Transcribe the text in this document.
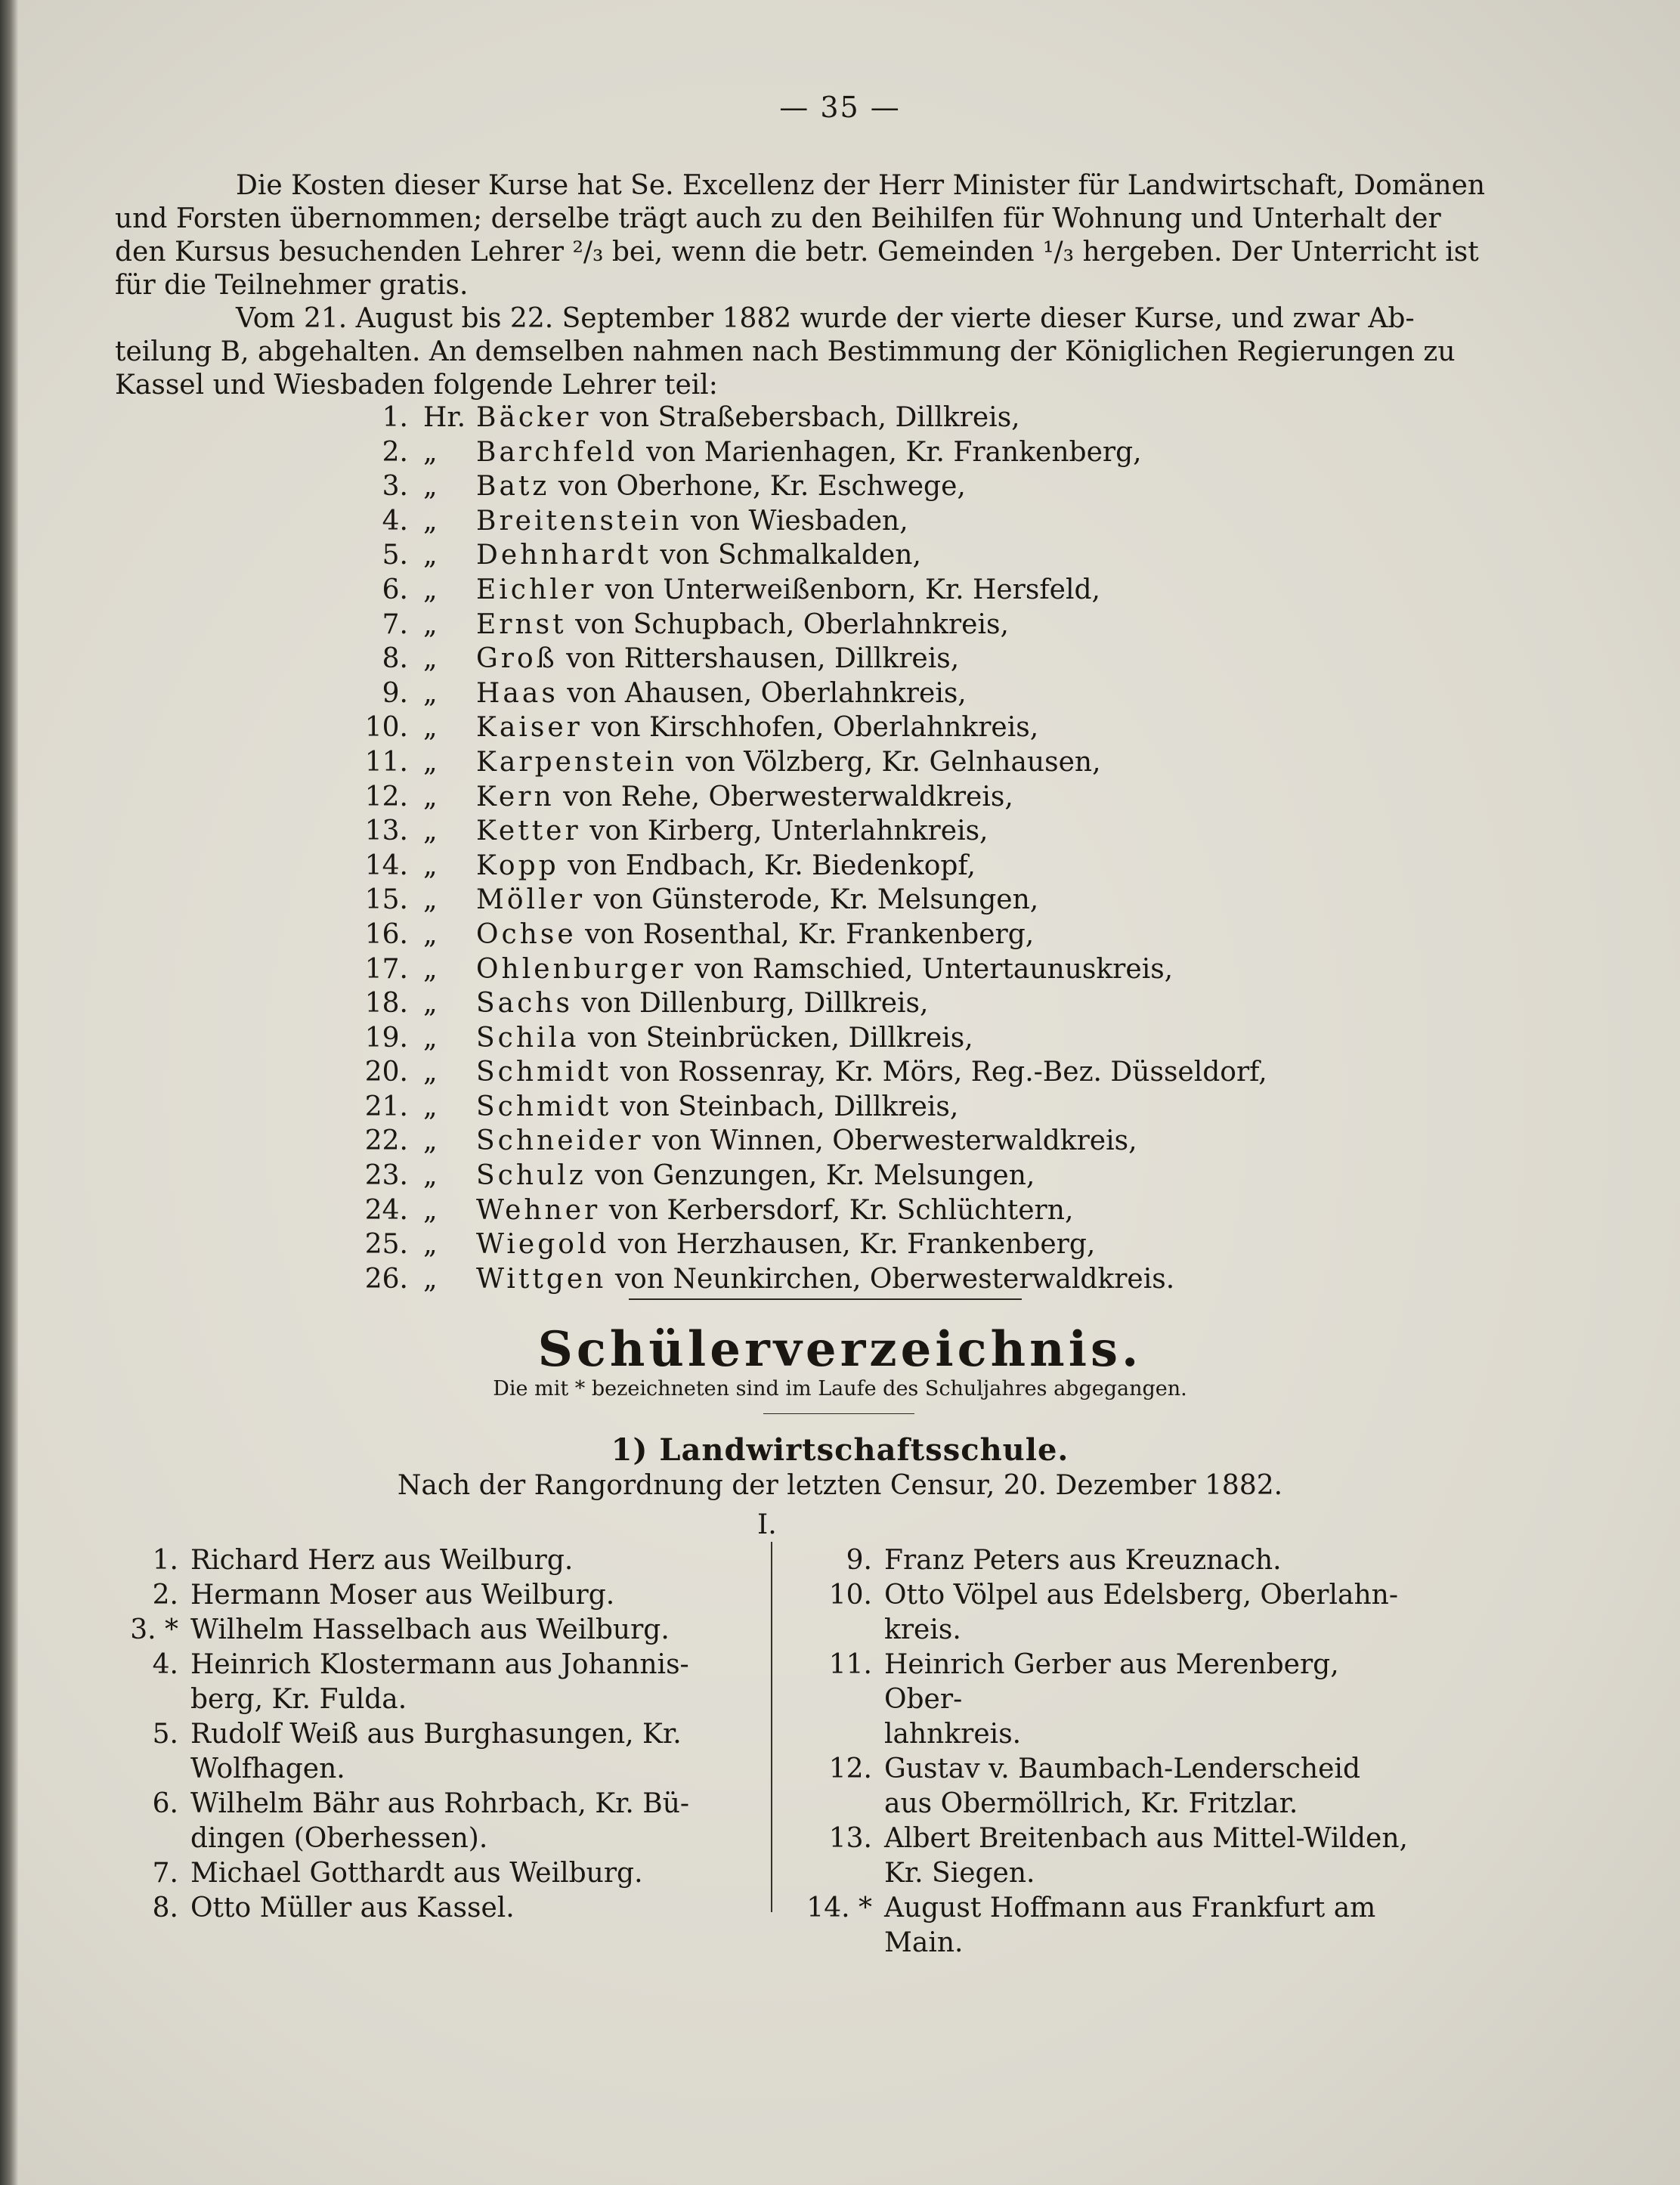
— 35 —
Die Kosten dieser Kurse hat Se. Excellenz der Herr Minister für Landwirtschaft, Domänen
und Forsten übernommen; derselbe trägt auch zu den Beihilfen für Wohnung und Unterhalt der
den Kursus besuchenden Lehrer ²/₃ bei, wenn die betr. Gemeinden ¹/₃ hergeben. Der Unterricht ist
für die Teilnehmer gratis.
Vom 21. August bis 22. September 1882 wurde der vierte dieser Kurse, und zwar Ab-
teilung B, abgehalten. An demselben nahmen nach Bestimmung der Königlichen Regierungen zu
Kassel und Wiesbaden folgende Lehrer teil:
1. Hr. Bäcker von Straßebersbach, Dillkreis,
2. „ Barchfeld von Marienhagen, Kr. Frankenberg,
3. „ Batz von Oberhone, Kr. Eschwege,
4. „ Breitenstein von Wiesbaden,
5. „ Dehnhardt von Schmalkalden,
6. „ Eichler von Unterweißenborn, Kr. Hersfeld,
7. „ Ernst von Schupbach, Oberlahnkreis,
8. „ Groß von Rittershausen, Dillkreis,
9. „ Haas von Ahausen, Oberlahnkreis,
10. „ Kaiser von Kirschhofen, Oberlahnkreis,
11. „ Karpenstein von Völzberg, Kr. Gelnhausen,
12. „ Kern von Rehe, Oberwesterwaldkreis,
13. „ Ketter von Kirberg, Unterlahnkreis,
14. „ Kopp von Endbach, Kr. Biedenkopf,
15. „ Möller von Günsterode, Kr. Melsungen,
16. „ Ochse von Rosenthal, Kr. Frankenberg,
17. „ Ohlenburger von Ramschied, Untertaunuskreis,
18. „ Sachs von Dillenburg, Dillkreis,
19. „ Schila von Steinbrücken, Dillkreis,
20. „ Schmidt von Rossenray, Kr. Mörs, Reg.-Bez. Düsseldorf,
21. „ Schmidt von Steinbach, Dillkreis,
22. „ Schneider von Winnen, Oberwesterwaldkreis,
23. „ Schulz von Genzungen, Kr. Melsungen,
24. „ Wehner von Kerbersdorf, Kr. Schlüchtern,
25. „ Wiegold von Herzhausen, Kr. Frankenberg,
26. „ Wittgen von Neunkirchen, Oberwesterwaldkreis.
Schülerverzeichnis.
Die mit * bezeichneten sind im Laufe des Schuljahres abgegangen.
1) Landwirtschaftsschule.
Nach der Rangordnung der letzten Censur, 20. Dezember 1882.
I.
1. Richard Herz aus Weilburg.
2. Hermann Moser aus Weilburg.
3. * Wilhelm Hasselbach aus Weilburg.
4. Heinrich Klostermann aus Johannis-
berg, Kr. Fulda.
5. Rudolf Weiß aus Burghasungen, Kr.
Wolfhagen.
6. Wilhelm Bähr aus Rohrbach, Kr. Bü-
dingen (Oberhessen).
7. Michael Gotthardt aus Weilburg.
8. Otto Müller aus Kassel.
9. Franz Peters aus Kreuznach.
10. Otto Völpel aus Edelsberg, Oberlahn-
kreis.
11. Heinrich Gerber aus Merenberg, Ober-
lahnkreis.
12. Gustav v. Baumbach-Lenderscheid
aus Obermöllrich, Kr. Fritzlar.
13. Albert Breitenbach aus Mittel-Wilden,
Kr. Siegen.
14. * August Hoffmann aus Frankfurt am
Main.
